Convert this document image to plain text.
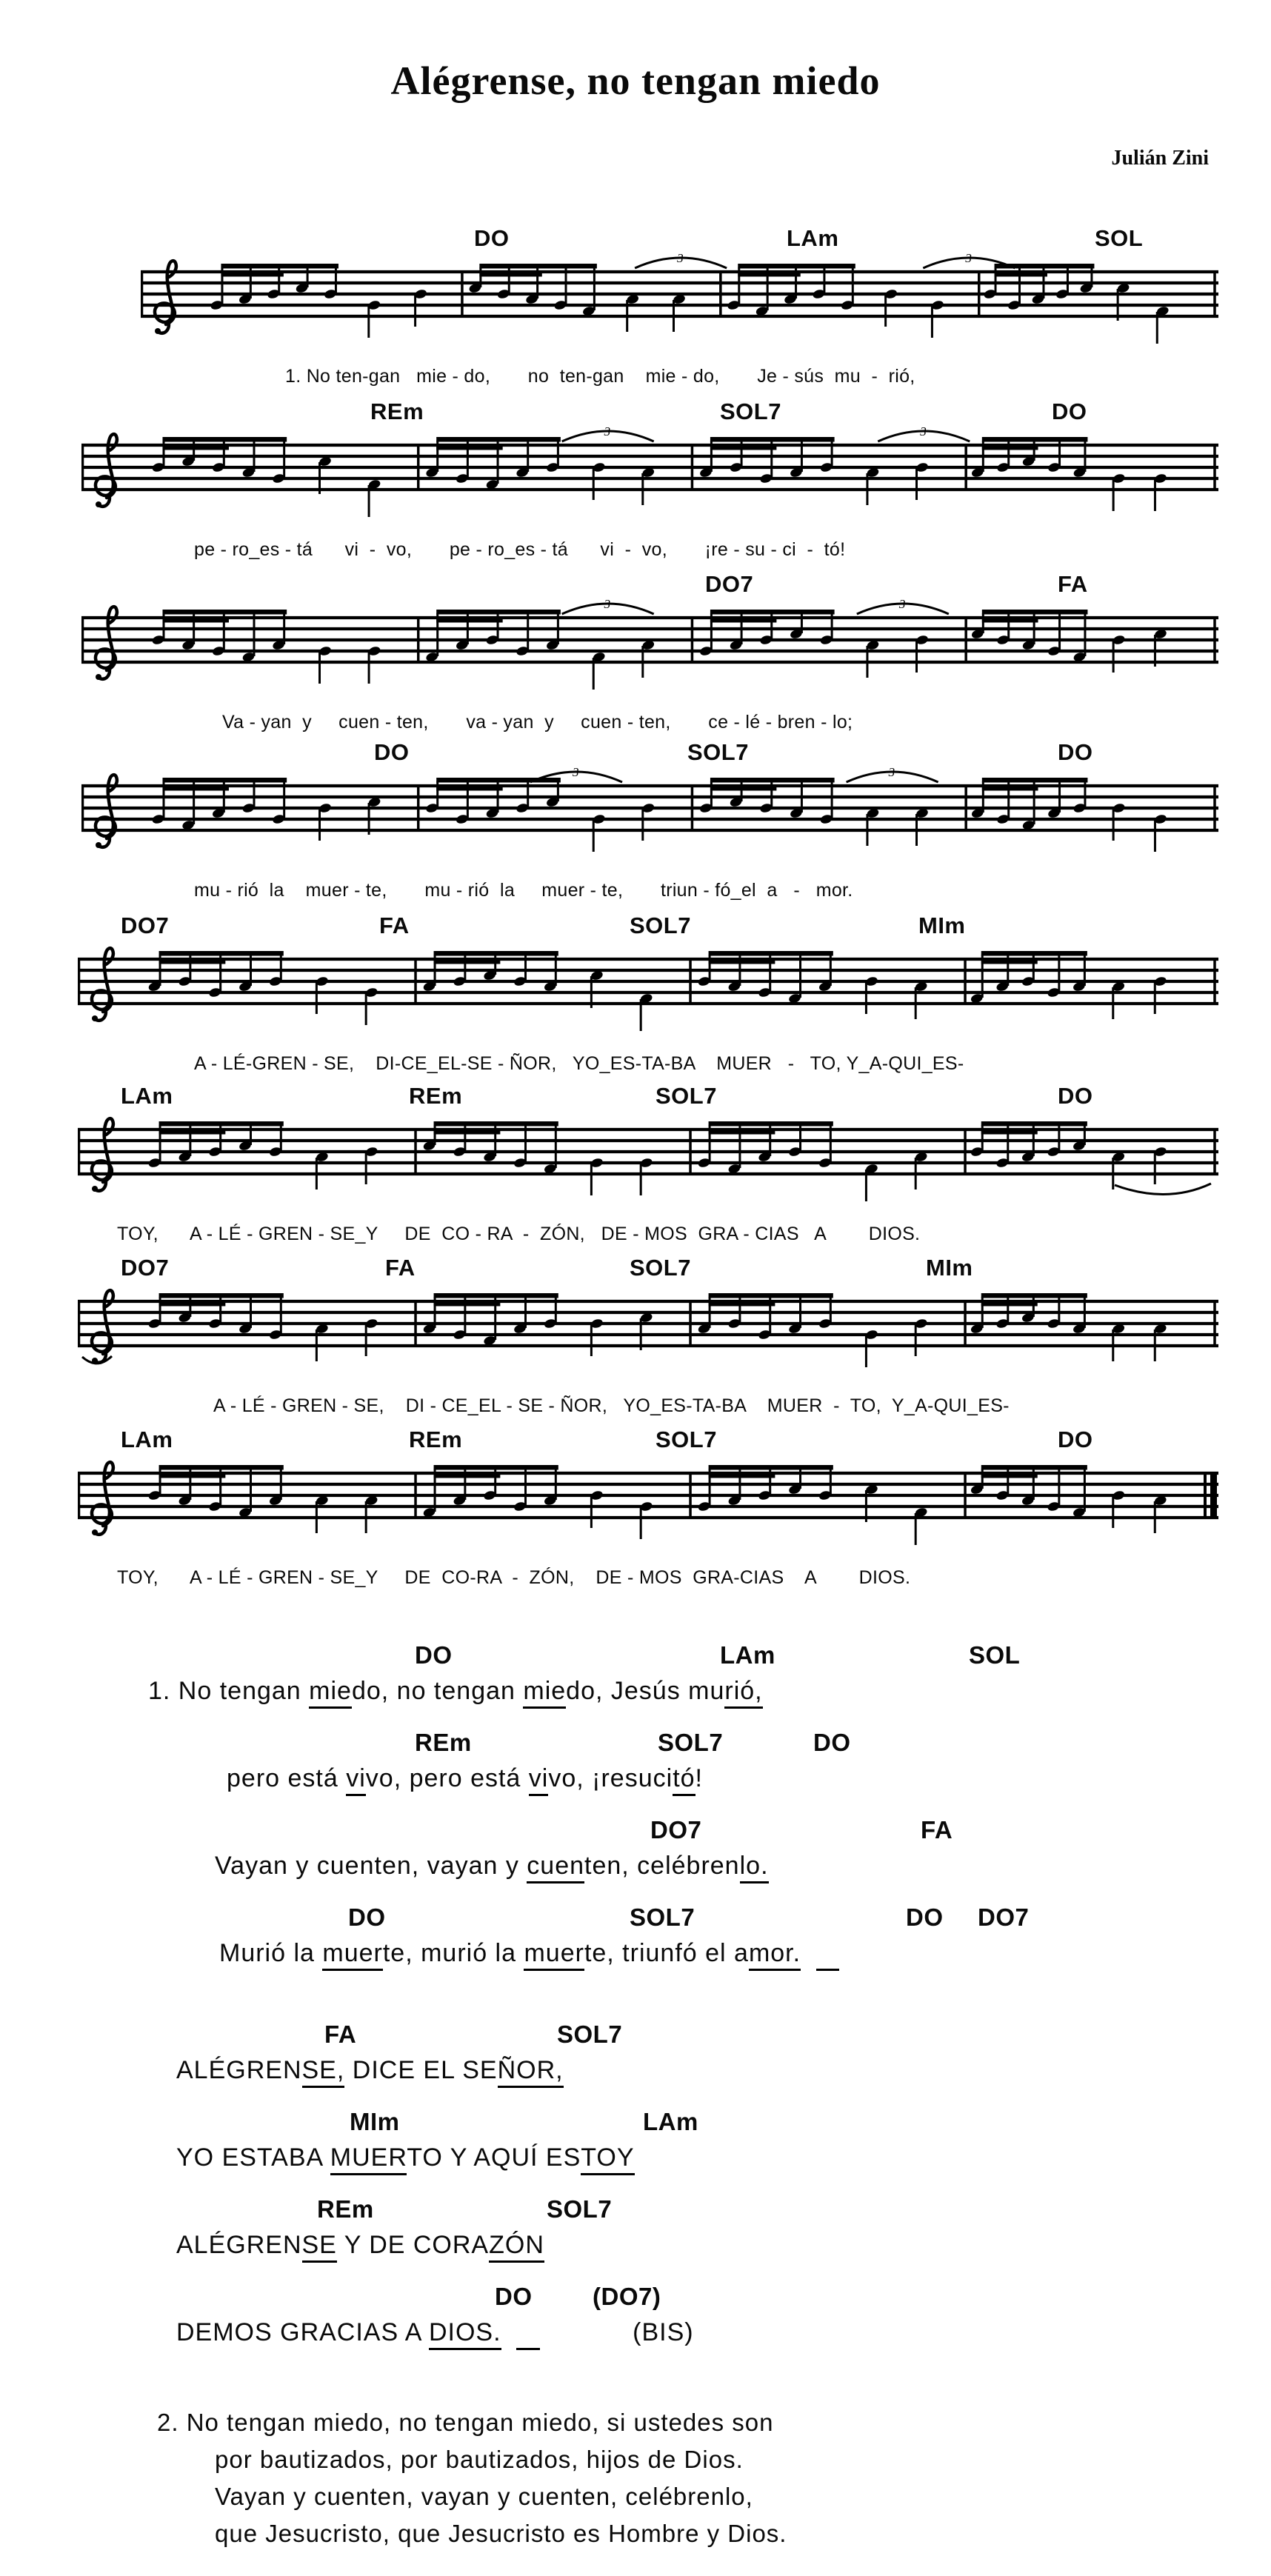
Alégrense, no tengan miedo
Julián Zini
DO	LAm	SOL
3	3
1. No ten-gan   mie - do,       no  ten-gan    mie - do,       Je - sús  mu  -  rió,
REm	SOL7	DO
3	3
pe - ro_es - tá      vi  -  vo,       pe - ro_es - tá      vi  -  vo,       ¡re - su - ci  -  tó!
DO7	FA
3	3
Va - yan  y     cuen - ten,       va - yan  y     cuen - ten,       ce - lé - bren - lo;
DO	SOL7	DO
3	3
mu - rió  la    muer - te,       mu - rió  la     muer - te,       triun - fó_el  a   -   mor.
DO7	FA	SOL7	MIm
A - LÉ-GREN - SE,    DI-CE_EL-SE - ÑOR,   YO_ES-TA-BA    MUER   -   TO, Y_A-QUI_ES-
LAm	REm	SOL7	DO
TOY,      A - LÉ - GREN - SE_Y     DE  CO - RA  -  ZÓN,   DE - MOS  GRA - CIAS   A        DIOS.
DO7	FA	SOL7	MIm
A - LÉ - GREN - SE,    DI - CE_EL - SE - ÑOR,   YO_ES-TA-BA    MUER  -  TO,  Y_A-QUI_ES-
LAm	REm	SOL7	DO
TOY,      A - LÉ - GREN - SE_Y     DE  CO-RA  -  ZÓN,    DE - MOS  GRA-CIAS    A        DIOS.
DO	LAm	SOL
1. No tengan miedo, no tengan miedo, Jesús murió,
REm	SOL7	DO
pero está vivo, pero está vivo, ¡resucitó!
DO7	FA
Vayan y cuenten, vayan y cuenten, celébrenlo.
DO	SOL7	DO DO7
Murió la muerte, murió la muerte, triunfó el amor.
FA	SOL7
ALÉGRENSE, DICE EL SEÑOR,
MIm	LAm
YO ESTABA MUERTO Y AQUÍ ESTOY
REm	SOL7
ALÉGRENSE Y DE CORAZÓN
DO (DO7)
DEMOS GRACIAS A DIOS.                 (BIS)
2. No tengan miedo, no tengan miedo, si ustedes son
por bautizados, por bautizados, hijos de Dios.
Vayan y cuenten, vayan y cuenten, celébrenlo,
que Jesucristo, que Jesucristo es Hombre y Dios.
